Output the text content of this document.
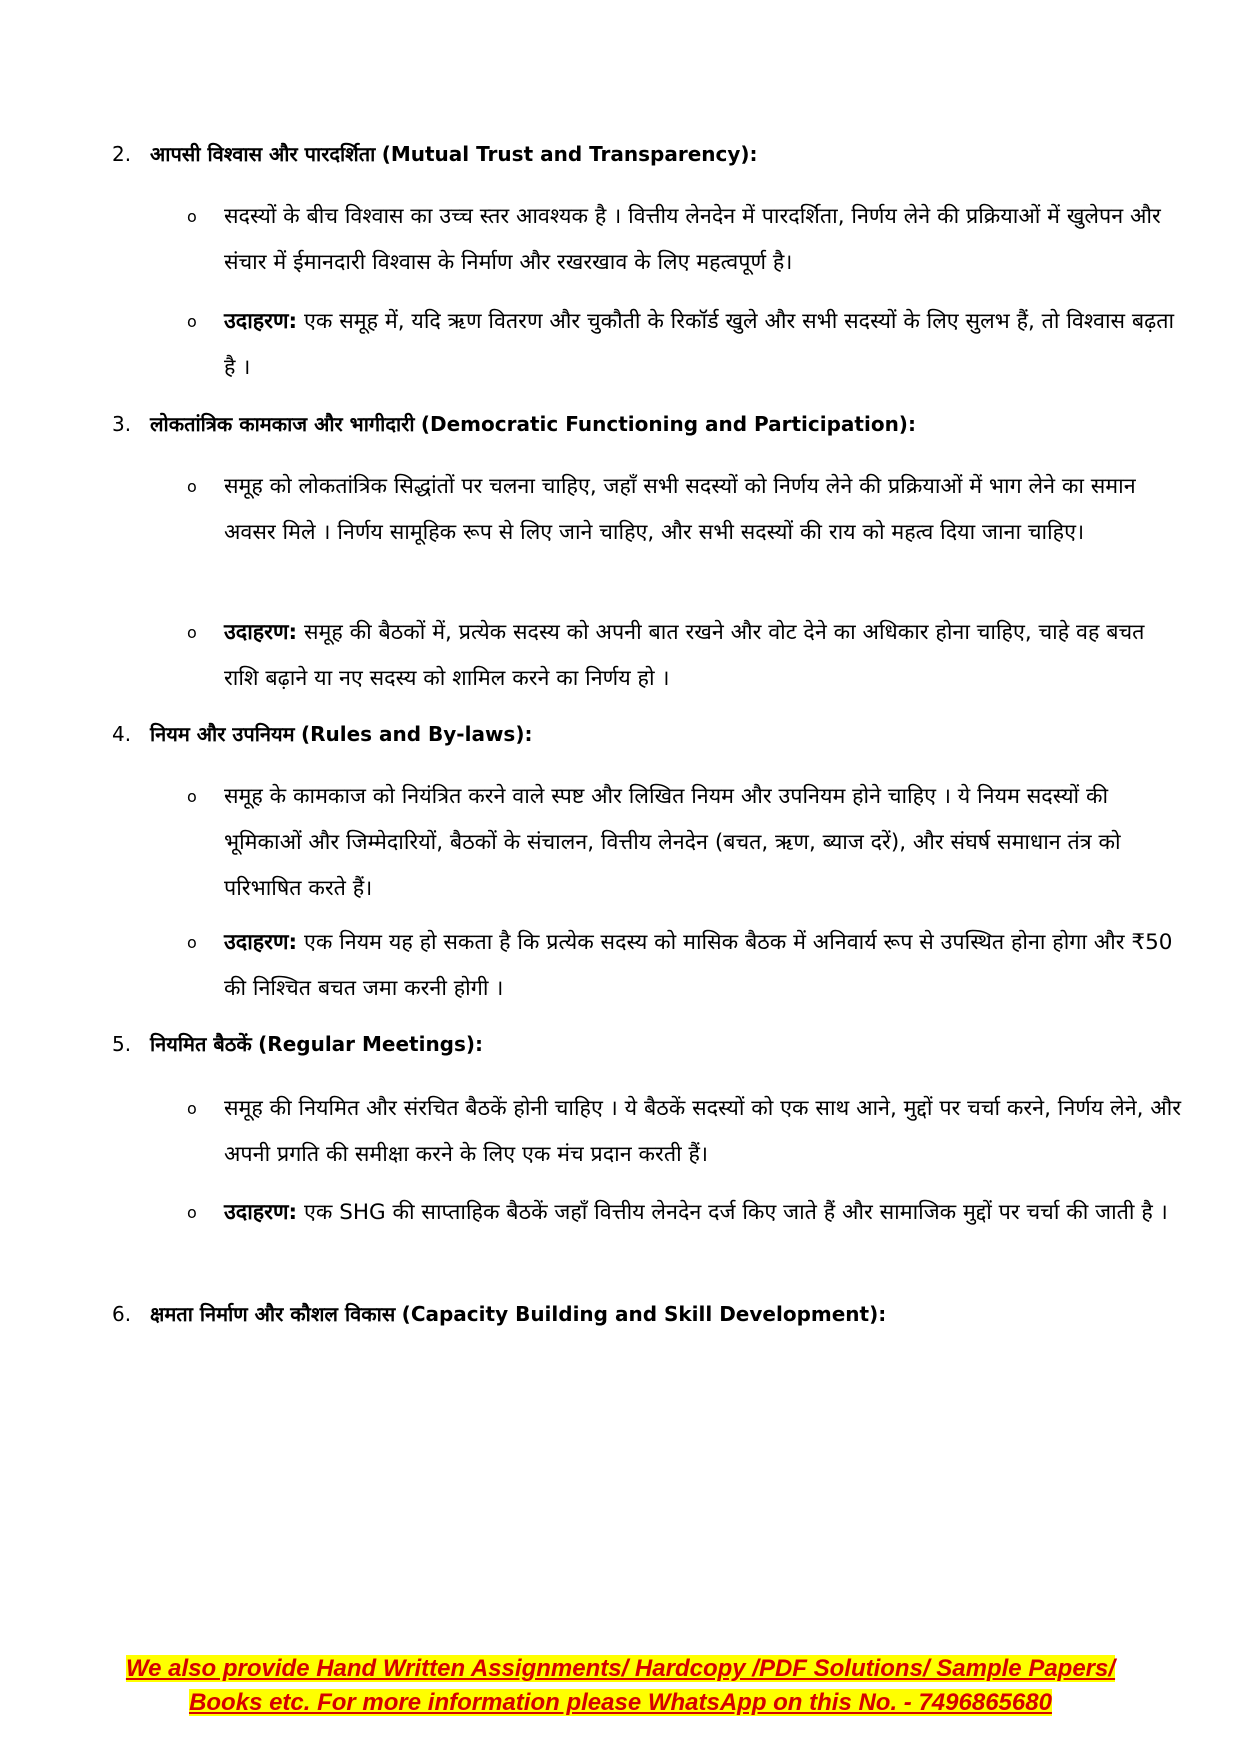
2. आपसी विश्वास और पारदर्शिता (Mutual Trust and Transparency):
o सदस्यों के बीच विश्वास का उच्च स्तर आवश्यक है । वित्तीय लेनदेन में पारदर्शिता, निर्णय लेने की प्रक्रियाओं में खुलेपन और संचार में ईमानदारी विश्वास के निर्माण और रखरखाव के लिए महत्वपूर्ण है।
o उदाहरण: एक समूह में, यदि ऋण वितरण और चुकौती के रिकॉर्ड खुले और सभी सदस्यों के लिए सुलभ हैं, तो विश्वास बढ़ता है ।
3. लोकतांत्रिक कामकाज और भागीदारी (Democratic Functioning and Participation):
o समूह को लोकतांत्रिक सिद्धांतों पर चलना चाहिए, जहाँ सभी सदस्यों को निर्णय लेने की प्रक्रियाओं में भाग लेने का समान अवसर मिले । निर्णय सामूहिक रूप से लिए जाने चाहिए, और सभी सदस्यों की राय को महत्व दिया जाना चाहिए।
o उदाहरण: समूह की बैठकों में, प्रत्येक सदस्य को अपनी बात रखने और वोट देने का अधिकार होना चाहिए, चाहे वह बचत राशि बढ़ाने या नए सदस्य को शामिल करने का निर्णय हो ।
4. नियम और उपनियम (Rules and By-laws):
o समूह के कामकाज को नियंत्रित करने वाले स्पष्ट और लिखित नियम और उपनियम होने चाहिए । ये नियम सदस्यों की भूमिकाओं और जिम्मेदारियों, बैठकों के संचालन, वित्तीय लेनदेन (बचत, ऋण, ब्याज दरें), और संघर्ष समाधान तंत्र को परिभाषित करते हैं।
o उदाहरण: एक नियम यह हो सकता है कि प्रत्येक सदस्य को मासिक बैठक में अनिवार्य रूप से उपस्थित होना होगा और ₹50 की निश्चित बचत जमा करनी होगी ।
5. नियमित बैठकें (Regular Meetings):
o समूह की नियमित और संरचित बैठकें होनी चाहिए । ये बैठकें सदस्यों को एक साथ आने, मुद्दों पर चर्चा करने, निर्णय लेने, और अपनी प्रगति की समीक्षा करने के लिए एक मंच प्रदान करती हैं।
o उदाहरण: एक SHG की साप्ताहिक बैठकें जहाँ वित्तीय लेनदेन दर्ज किए जाते हैं और सामाजिक मुद्दों पर चर्चा की जाती है ।
6. क्षमता निर्माण और कौशल विकास (Capacity Building and Skill Development):
We also provide Hand Written Assignments/ Hardcopy /PDF Solutions/ Sample Papers/
Books etc. For more information please WhatsApp on this No. - 7496865680
